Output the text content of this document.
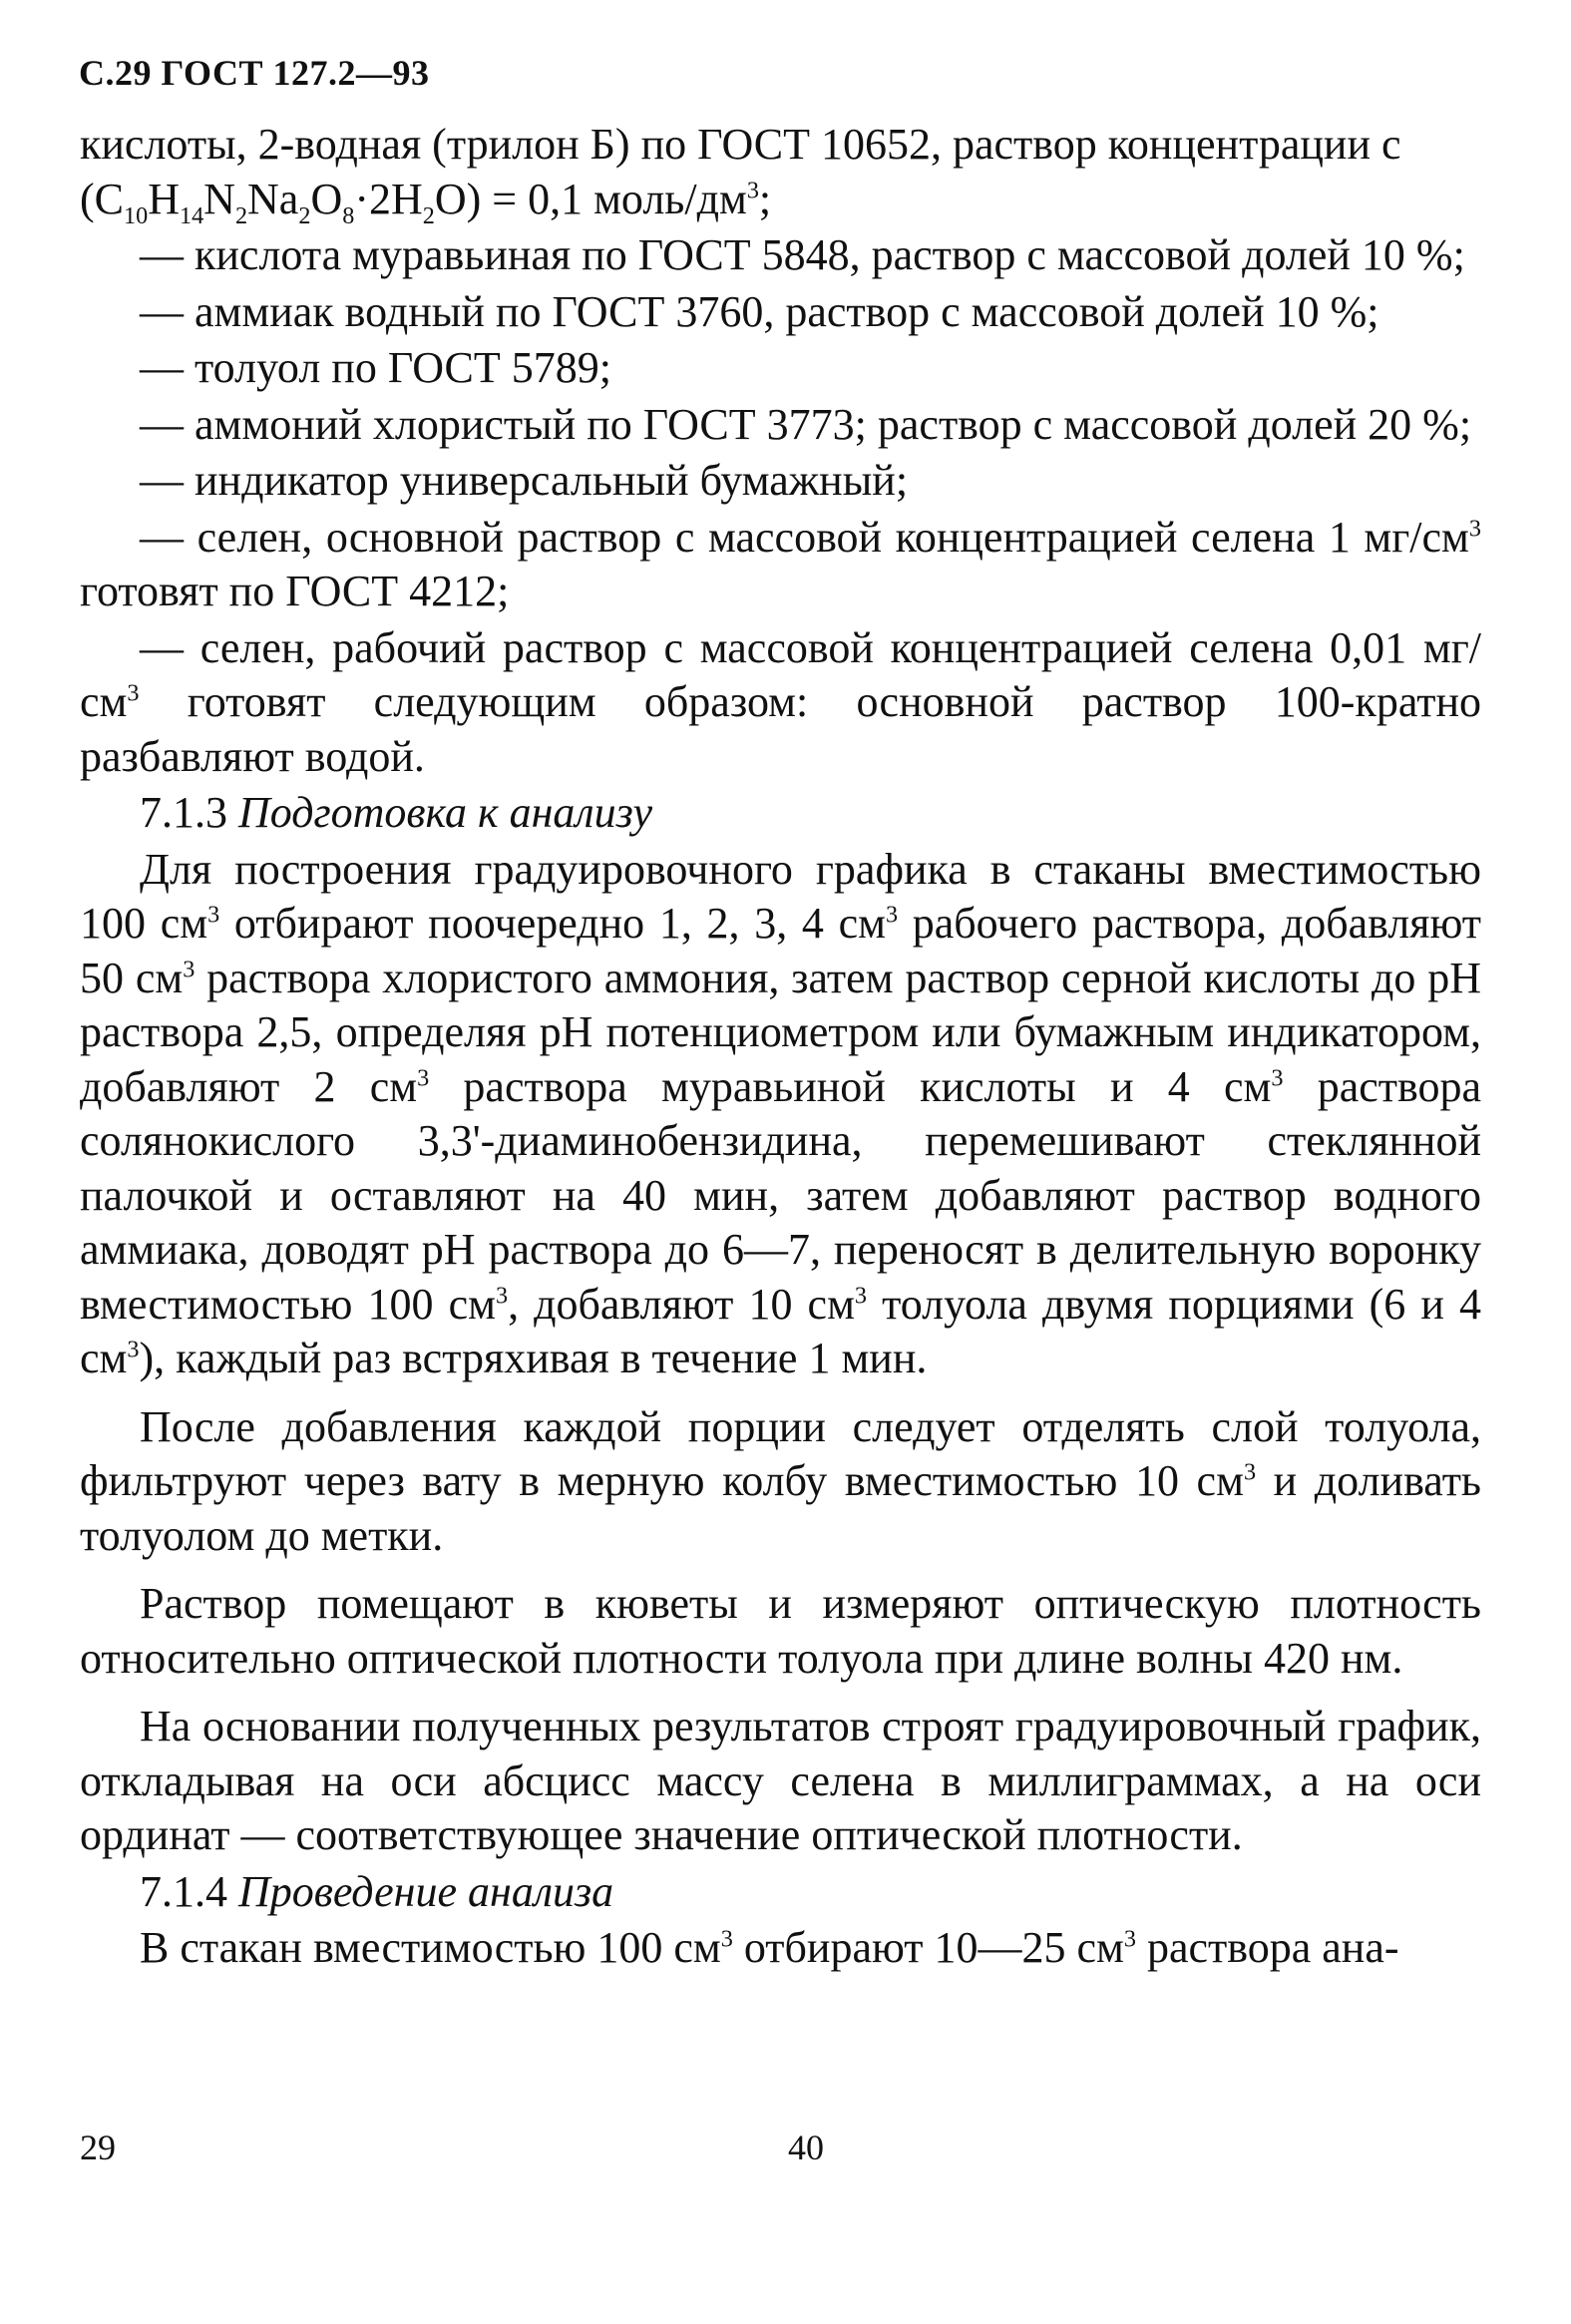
С.29 ГОСТ 127.2—93

кислоты, 2-водная (трилон Б) по ГОСТ 10652, раствор концентрации c
$(C_{10}H_{14}N_2Na_2O_8\cdot 2H_2O) = 0,1$ моль/$дм^3$;

— кислота муравьиная по ГОСТ 5848, раствор с массовой долей 10 %;

— аммиак водный по ГОСТ 3760, раствор с массовой долей 10 %;

— толуол по ГОСТ 5789;

— аммоний хлористый по ГОСТ 3773; раствор с массовой долей 20 %;

— индикатор универсальный бумажный;

— селен, основной раствор с массовой концентрацией селена 1 $мг/см^3$ готовят по ГОСТ 4212;

— селен, рабочий раствор с массовой концентрацией селена 0,01 $мг/см^3$ готовят следующим образом: основной раствор 100-кратно разбавляют водой.

7.1.3 Подготовка к анализу

Для построения градуировочного графика в стаканы вместимостью 100 $см^3$ отбирают поочередно 1, 2, 3, 4 $см^3$ рабочего раствора, добавляют 50 $см^3$ раствора хлористого аммония, затем раствор серной кислоты до pH раствора 2,5, определяя pH потенциометром или бумажным индикатором, добавляют 2 $см^3$ раствора муравьиной кислоты и 4 $см^3$ раствора солянокислого 3,3'-диаминобензидина, перемешивают стеклянной палочкой и оставляют на 40 мин, затем добавляют раствор водного аммиака, доводят pH раствора до 6—7, переносят в делительную воронку вместимостью 100 $см^3$, добавляют 10 $см^3$ толуола двумя порциями (6 и 4 $см^3$), каждый раз встряхивая в течение 1 мин.

После добавления каждой порции следует отделять слой толуола, фильтруют через вату в мерную колбу вместимостью 10 $см^3$ и доливать толуолом до метки.

Раствор помещают в кюветы и измеряют оптическую плотность относительно оптической плотности толуола при длине волны 420 нм.

На основании полученных результатов строят градуировочный график, откладывая на оси абсцисс массу селена в миллиграммах, а на оси ординат — соответствующее значение оптической плотности.

7.1.4 Проведение анализа

В стакан вместимостью 100 $см^3$ отбирают 10—25 $см^3$ раствора ана-

29	40
